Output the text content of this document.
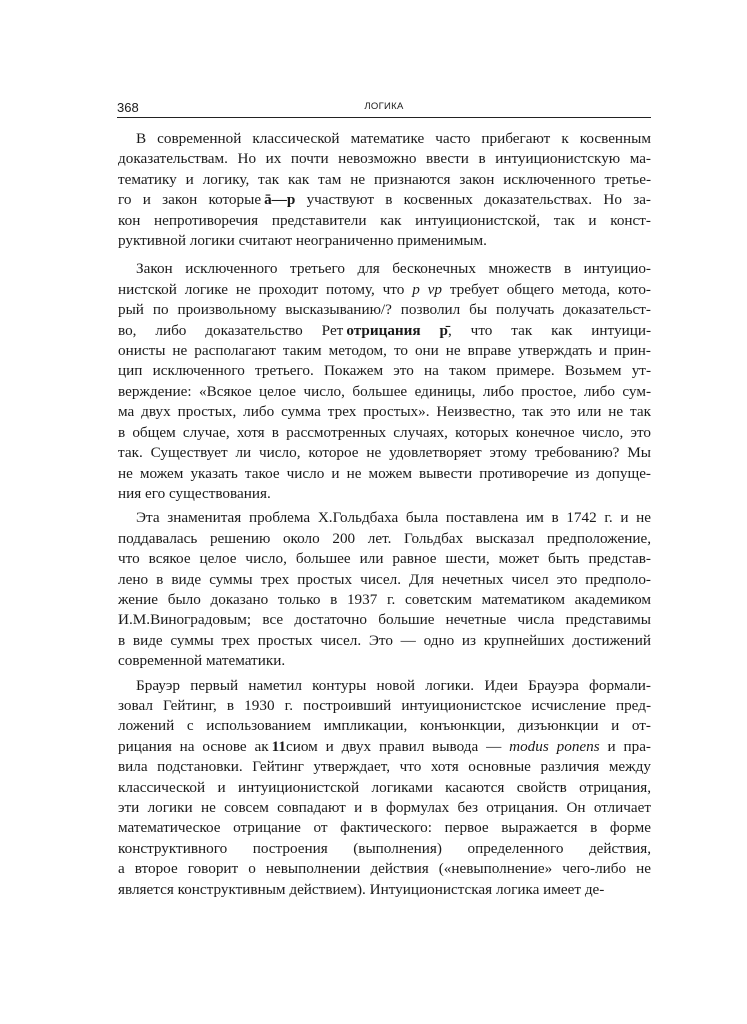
368	ЛОГИКА
В современной классической математике часто прибегают к косвенным
доказательствам. Но их почти невозможно ввести в интуиционистскую ма-
тематику и логику, так как там не признаются закон исключенного третье-
го и закон которые ā—p участвуют в косвенных доказательствах. Но за-
кон непротиворечия представители как интуиционистской, так и конст-
руктивной логики считают неограниченно применимым.
Закон исключенного третьего для бесконечных множеств в интуицио-
нистской логике не проходит потому, что p vp требует общего метода, кото-
рый по произвольному высказыванию/? позволил бы получать доказательст-
во, либо доказательство Рет отрицания р̄, что так как интуици-
онисты не располагают таким методом, то они не вправе утверждать и прин-
цип исключенного третьего. Покажем это на таком примере. Возьмем ут-
верждение: «Всякое целое число, большее единицы, либо простое, либо сум-
ма двух простых, либо сумма трех простых». Неизвестно, так это или не так
в общем случае, хотя в рассмотренных случаях, которых конечное число, это
так. Существует ли число, которое не удовлетворяет этому требованию? Мы
не можем указать такое число и не можем вывести противоречие из допуще-
ния его существования.
Эта знаменитая проблема Х.Гольдбаха была поставлена им в 1742 г. и не
поддавалась решению около 200 лет. Гольдбах высказал предположение,
что всякое целое число, большее или равное шести, может быть представ-
лено в виде суммы трех простых чисел. Для нечетных чисел это предполо-
жение было доказано только в 1937 г. советским математиком академиком
И.М.Виноградовым; все достаточно большие нечетные числа представимы
в виде суммы трех простых чисел. Это — одно из крупнейших достижений
современной математики.
Брауэр первый наметил контуры новой логики. Идеи Брауэра формали-
зовал Гейтинг, в 1930 г. построивший интуиционистское исчисление пред-
ложений с использованием импликации, конъюнкции, дизъюнкции и от-
рицания на основе ак 11сиом и двух правил вывода — modus ponens и пра-
вила подстановки. Гейтинг утверждает, что хотя основные различия между
классической и интуиционистской логиками касаются свойств отрицания,
эти логики не совсем совпадают и в формулах без отрицания. Он отличает
математическое отрицание от фактического: первое выражается в форме
конструктивного построения (выполнения) определенного действия,
а второе говорит о невыполнении действия («невыполнение» чего-либо не
является конструктивным действием). Интуиционистская логика имеет де-
